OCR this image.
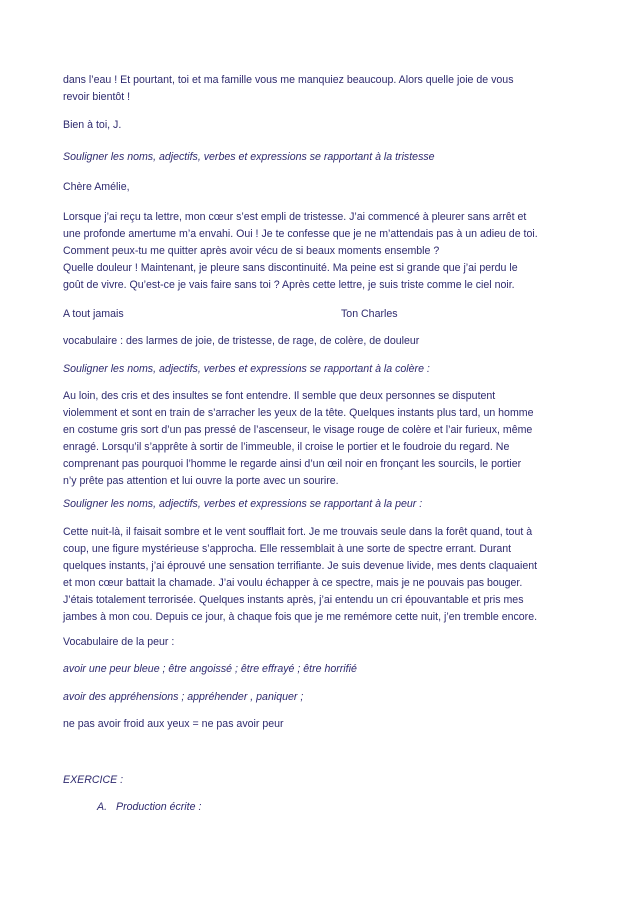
dans l’eau ! Et pourtant, toi et ma famille vous me manquiez beaucoup. Alors quelle joie de vous
revoir bientôt !

Bien à toi, J.

Souligner les noms, adjectifs, verbes et expressions se rapportant à la tristesse

Chère Amélie,

Lorsque j’ai reçu ta lettre, mon cœur s’est empli de tristesse. J’ai commencé à pleurer sans arrêt et
une profonde amertume m’a envahi. Oui ! Je te confesse que je ne m’attendais pas à un adieu de toi.
Comment peux-tu me quitter après avoir vécu de si beaux moments ensemble ?

Quelle douleur ! Maintenant, je pleure sans discontinuité. Ma peine est si grande que j’ai perdu le
goût de vivre. Qu’est-ce je vais faire sans toi ? Après cette lettre, je suis triste comme le ciel noir.

A tout jamais	Ton Charles

vocabulaire : des larmes de joie, de tristesse, de rage, de colère, de douleur

Souligner les noms, adjectifs, verbes et expressions se rapportant à la colère :

Au loin, des cris et des insultes se font entendre. Il semble que deux personnes se disputent
violemment et sont en train de s’arracher les yeux de la tête. Quelques instants plus tard, un homme
en costume gris sort d’un pas pressé de l’ascenseur, le visage rouge de colère et l’air furieux, même
enragé. Lorsqu’il s’apprête à sortir de l’immeuble, il croise le portier et le foudroie du regard. Ne
comprenant pas pourquoi l’homme le regarde ainsi d’un œil noir en fronçant les sourcils, le portier
n’y prête pas attention et lui ouvre la porte avec un sourire.

Souligner les noms, adjectifs, verbes et expressions se rapportant à la peur :

Cette nuit-là, il faisait sombre et le vent soufflait fort. Je me trouvais seule dans la forêt quand, tout à
coup, une figure mystérieuse s’approcha. Elle ressemblait à une sorte de spectre errant. Durant
quelques instants, j’ai éprouvé une sensation terrifiante. Je suis devenue livide, mes dents claquaient
et mon cœur battait la chamade. J’ai voulu échapper à ce spectre, mais je ne pouvais pas bouger.
J’étais totalement terrorisée. Quelques instants après, j’ai entendu un cri épouvantable et pris mes
jambes à mon cou. Depuis ce jour, à chaque fois que je me remémore cette nuit, j’en tremble encore.

Vocabulaire de la peur :

avoir une peur bleue ; être angoissé ; être effrayé ; être horrifié

avoir des appréhensions ; appréhender , paniquer ;

ne pas avoir froid aux yeux = ne pas avoir peur

EXERCICE :

A. Production écrite :
